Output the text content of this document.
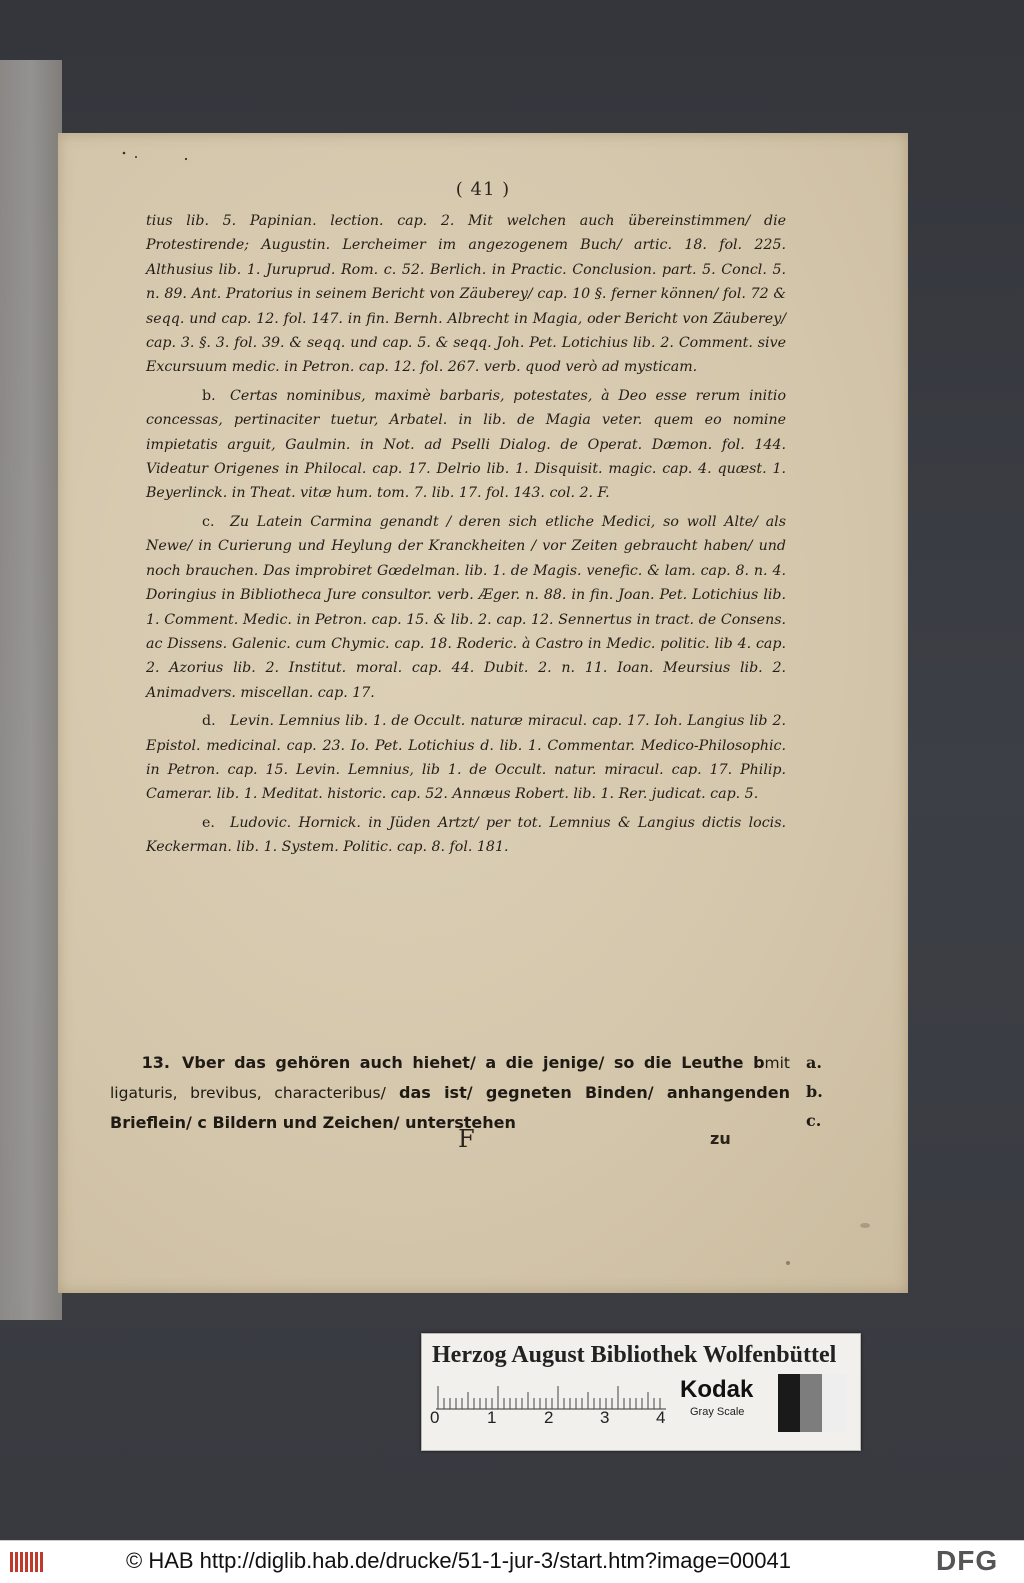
( 41 )

tius lib. 5. Papinian. lection. cap. 2. Mit welchen auch übereinstimmen/ die Protestirende; Augustin. Lercheimer im angezogenem Buch/ artic. 18. fol. 225. Althusius lib. 1. Juruprud. Rom. c. 52. Berlich. in Practic. Conclusion. part. 5. Concl. 5. n. 89. Ant. Pratorius in seinem Bericht von Zäuberey/ cap. 10 §. ferner können/ fol. 72 & seqq. und cap. 12. fol. 147. in fin. Bernh. Albrecht in Magia, oder Bericht von Zäuberey/ cap. 3. §. 3. fol. 39. & seqq. und cap. 5. & seqq. Joh. Pet. Lotichius lib. 2. Comment. sive Excursuum medic. in Petron. cap. 12. fol. 267. verb. quod verò ad mysticam.

b. Certas nominibus, maximè barbaris, potestates, à Deo esse rerum initio concessas, pertinaciter tuetur, Arbatel. in lib. de Magia veter. quem eo nomine impietatis arguit, Gaulmin. in Not. ad Pselli Dialog. de Operat. Dæmon. fol. 144. Videatur Origenes in Philocal. cap. 17. Delrio lib. 1. Disquisit. magic. cap. 4. quæst. 1. Beyerlinck. in Theat. vitæ hum. tom. 7. lib. 17. fol. 143. col. 2. F.

c. Zu Latein Carmina genandt / deren sich etliche Medici, so woll Alte/ als Newe/ in Curierung und Heylung der Kranckheiten / vor Zeiten gebraucht haben/ und noch brauchen. Das improbiret Gœdelman. lib. 1. de Magis. venefic. & lam. cap. 8. n. 4. Doringius in Bibliotheca Jure consultor. verb. Æger. n. 88. in fin. Joan. Pet. Lotichius lib. 1. Comment. Medic. in Petron. cap. 15. & lib. 2. cap. 12. Sennertus in tract. de Consens. ac Dissens. Galenic. cum Chymic. cap. 18. Roderic. à Castro in Medic. politic. lib 4. cap. 2. Azorius lib. 2. Institut. moral. cap. 44. Dubit. 2. n. 11. Ioan. Meursius lib. 2. Animadvers. miscellan. cap. 17.

d. Levin. Lemnius lib. 1. de Occult. naturæ miracul. cap. 17. Ioh. Langius lib 2. Epistol. medicinal. cap. 23. Io. Pet. Lotichius d. lib. 1. Commentar. Medico-Philosophic. in Petron. cap. 15. Levin. Lemnius, lib 1. de Occult. natur. miracul. cap. 17. Philip. Camerar. lib. 1. Meditat. historic. cap. 52. Annæus Robert. lib. 1. Rer. judicat. cap. 5.

e. Ludovic. Hornick. in Jüden Artzt/ per tot. Lemnius & Langius dictis locis. Keckerman. lib. 1. System. Politic. cap. 8. fol. 181.

13. Vber das gehören auch hiehet/ a die jenige/ so die Leuthe bmit ligaturis, brevibus, characteribus/ das ist/ gegneten Binden/ anhangenden Brieflein/ c Bildern und Zeichen/ unterstehen
a.
b.
c.
F	zu
Herzog August Bibliothek Wolfenbüttel
0	1	2	3	4
Kodak
Gray Scale
© HAB http://diglib.hab.de/drucke/51-1-jur-3/start.htm?image=00041	DFG
